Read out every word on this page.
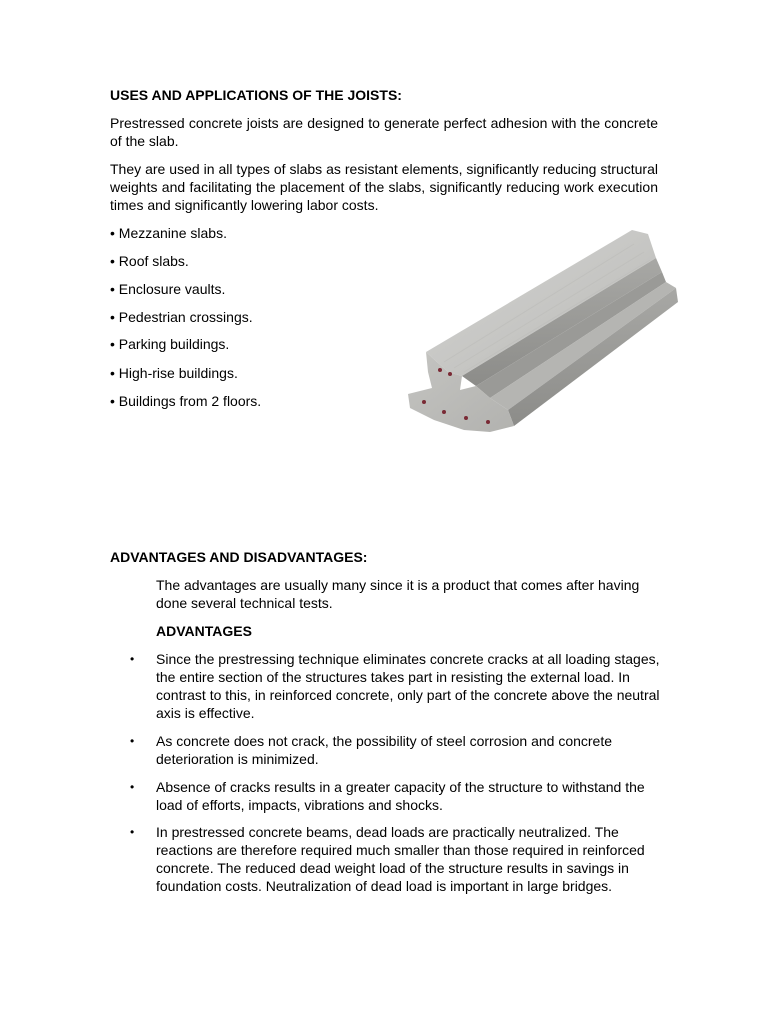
USES AND APPLICATIONS OF THE JOISTS:

Prestressed concrete joists are designed to generate perfect adhesion with the concrete of the slab.

They are used in all types of slabs as resistant elements, significantly reducing structural weights and facilitating the placement of the slabs, significantly reducing work execution times and significantly lowering labor costs.

• Mezzanine slabs.

• Roof slabs.

• Enclosure vaults.

• Pedestrian crossings.

• Parking buildings.

• High-rise buildings.

• Buildings from 2 floors.

ADVANTAGES AND DISADVANTAGES:

The advantages are usually many since it is a product that comes after having done several technical tests.

ADVANTAGES
•	Since the prestressing technique eliminates concrete cracks at all loading stages, the entire section of the structures takes part in resisting the external load. In contrast to this, in reinforced concrete, only part of the concrete above the neutral axis is effective.
•	As concrete does not crack, the possibility of steel corrosion and concrete deterioration is minimized.
•	Absence of cracks results in a greater capacity of the structure to withstand the load of efforts, impacts, vibrations and shocks.
•	In prestressed concrete beams, dead loads are practically neutralized. The reactions are therefore required much smaller than those required in reinforced concrete. The reduced dead weight load of the structure results in savings in foundation costs. Neutralization of dead load is important in large bridges.
